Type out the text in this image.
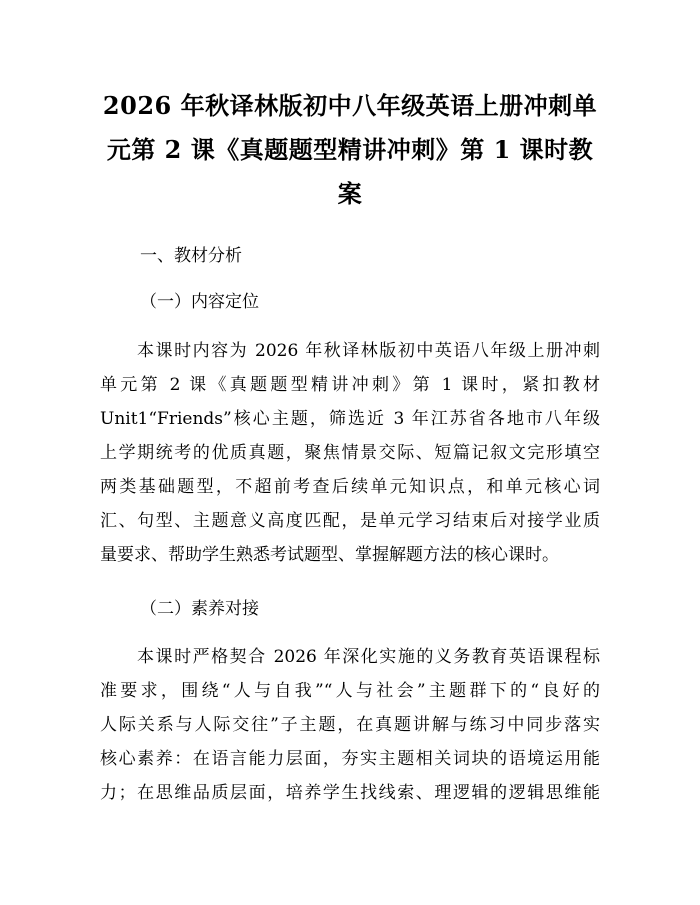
2026 年秋译林版初中八年级英语上册冲刺单
元第 2 课《真题题型精讲冲刺》第 1 课时教
案

一、教材分析

（一）内容定位

　　本课时内容为 2026 年秋译林版初中英语八年级上册冲刺
单元第 2 课《真题题型精讲冲刺》第 1 课时，紧扣教材
Unit1“Friends”核心主题，筛选近 3 年江苏省各地市八年级
上学期统考的优质真题，聚焦情景交际、短篇记叙文完形填空
两类基础题型，不超前考查后续单元知识点，和单元核心词
汇、句型、主题意义高度匹配，是单元学习结束后对接学业质
量要求、帮助学生熟悉考试题型、掌握解题方法的核心课时。

（二）素养对接

　　本课时严格契合 2026 年深化实施的义务教育英语课程标
准要求，围绕“人与自我”“人与社会”主题群下的“良好的
人际关系与人际交往”子主题，在真题讲解与练习中同步落实
核心素养：在语言能力层面，夯实主题相关词块的语境运用能
力；在思维品质层面，培养学生找线索、理逻辑的逻辑思维能
